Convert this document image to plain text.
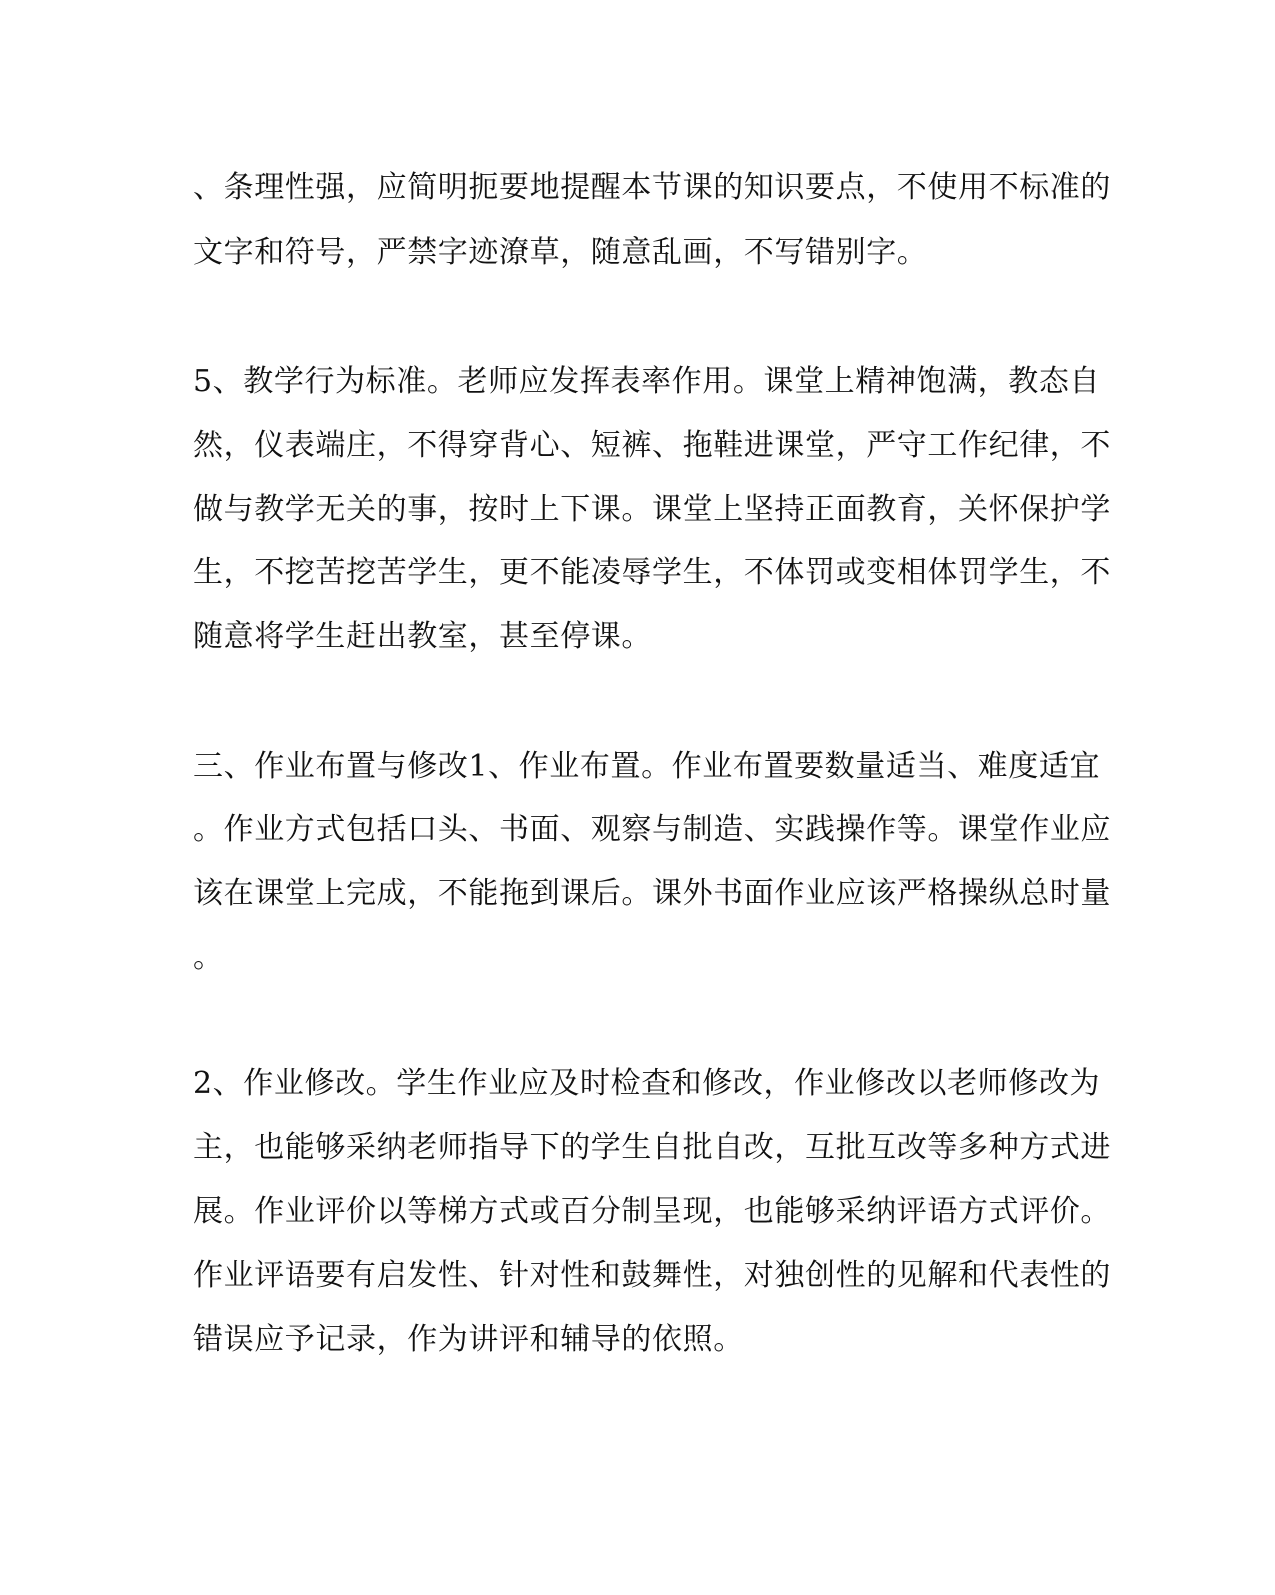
、条理性强，应简明扼要地提醒本节课的知识要点，不使用不标准的
文字和符号，严禁字迹潦草，随意乱画，不写错别字。
5、教学行为标准。老师应发挥表率作用。课堂上精神饱满，教态自
然，仪表端庄，不得穿背心、短裤、拖鞋进课堂，严守工作纪律，不
做与教学无关的事，按时上下课。课堂上坚持正面教育，关怀保护学
生，不挖苦挖苦学生，更不能凌辱学生，不体罚或变相体罚学生，不
随意将学生赶出教室，甚至停课。
三、作业布置与修改1、作业布置。作业布置要数量适当、难度适宜
。作业方式包括口头、书面、观察与制造、实践操作等。课堂作业应
该在课堂上完成，不能拖到课后。课外书面作业应该严格操纵总时量
。
2、作业修改。学生作业应及时检查和修改，作业修改以老师修改为
主，也能够采纳老师指导下的学生自批自改，互批互改等多种方式进
展。作业评价以等梯方式或百分制呈现，也能够采纳评语方式评价。
作业评语要有启发性、针对性和鼓舞性，对独创性的见解和代表性的
错误应予记录，作为讲评和辅导的依照。
